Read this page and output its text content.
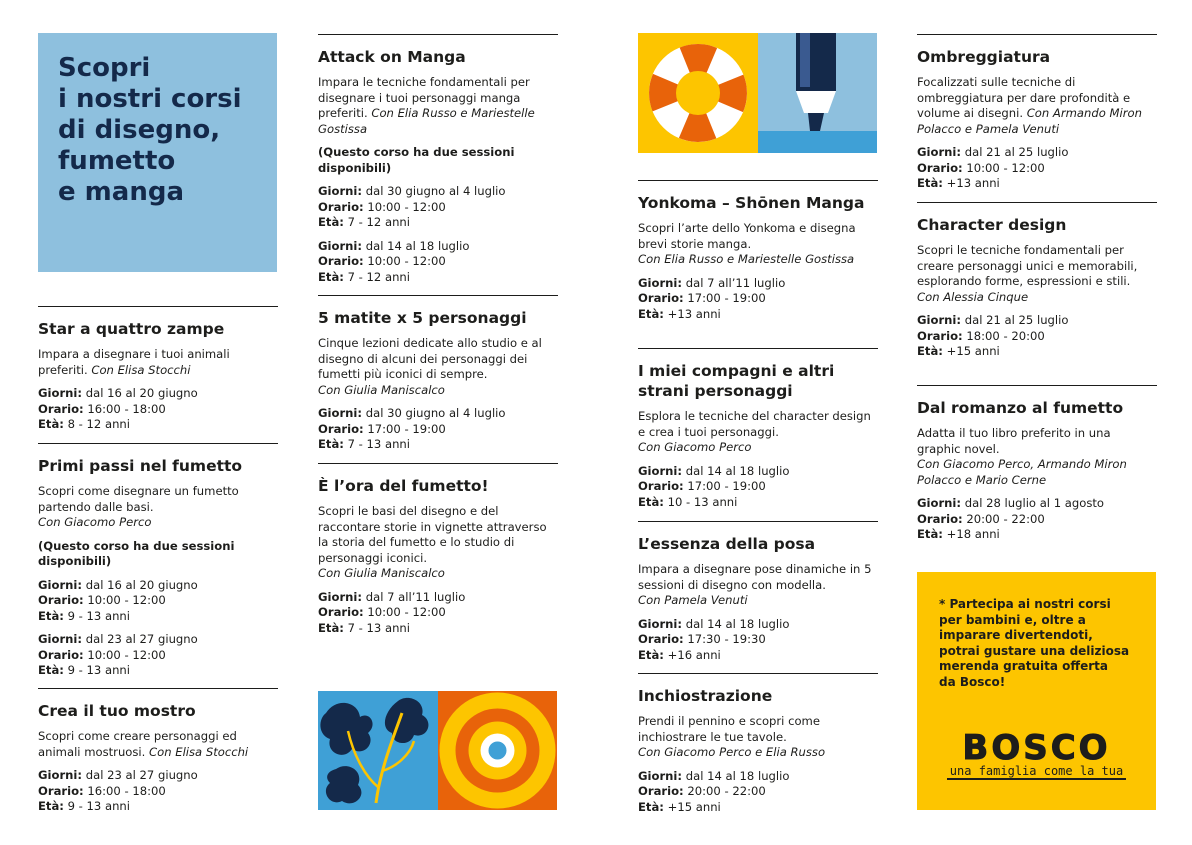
Scopri
i nostri corsi
di disegno,
fumetto
e manga
Star a quattro zampe

Impara a disegnare i tuoi animali preferiti. Con Elisa Stocchi

Giorni: dal 16 al 20 giugno
Orario: 16:00 - 18:00
Età: 8 - 12 anni

Primi passi nel fumetto

Scopri come disegnare un fumetto partendo dalle basi.
Con Giacomo Perco

(Questo corso ha due sessioni disponibili)

Giorni: dal 16 al 20 giugno
Orario: 10:00 - 12:00
Età: 9 - 13 anni

Giorni: dal 23 al 27 giugno
Orario: 10:00 - 12:00
Età: 9 - 13 anni

Crea il tuo mostro

Scopri come creare personaggi ed animali mostruosi. Con Elisa Stocchi

Giorni: dal 23 al 27 giugno
Orario: 16:00 - 18:00
Età: 9 - 13 anni

Attack on Manga

Impara le tecniche fondamentali per disegnare i tuoi personaggi manga preferiti. Con Elia Russo e Mariestelle Gostissa

(Questo corso ha due sessioni disponibili)

Giorni: dal 30 giugno al 4 luglio
Orario: 10:00 - 12:00
Età: 7 - 12 anni

Giorni: dal 14 al 18 luglio
Orario: 10:00 - 12:00
Età: 7 - 12 anni

5 matite x 5 personaggi

Cinque lezioni dedicate allo studio e al disegno di alcuni dei personaggi dei fumetti più iconici di sempre.
Con Giulia Maniscalco

Giorni: dal 30 giugno al 4 luglio
Orario: 17:00 - 19:00
Età: 7 - 13 anni

È l’ora del fumetto!

Scopri le basi del disegno e del raccontare storie in vignette attraverso la storia del fumetto e lo studio di personaggi iconici.
Con Giulia Maniscalco

Giorni: dal 7 all’11 luglio
Orario: 10:00 - 12:00
Età: 7 - 13 anni

Yonkoma – Shōnen Manga

Scopri l’arte dello Yonkoma e disegna brevi storie manga.
Con Elia Russo e Mariestelle Gostissa

Giorni: dal 7 all’11 luglio
Orario: 17:00 - 19:00
Età: +13 anni

I miei compagni e altri strani personaggi

Esplora le tecniche del character design e crea i tuoi personaggi.
Con Giacomo Perco

Giorni: dal 14 al 18 luglio
Orario: 17:00 - 19:00
Età: 10 - 13 anni

L’essenza della posa

Impara a disegnare pose dinamiche in 5 sessioni di disegno con modella.
Con Pamela Venuti

Giorni: dal 14 al 18 luglio
Orario: 17:30 - 19:30
Età: +16 anni

Inchiostrazione

Prendi il pennino e scopri come inchiostrare le tue tavole.
Con Giacomo Perco e Elia Russo

Giorni: dal 14 al 18 luglio
Orario: 20:00 - 22:00
Età: +15 anni

Ombreggiatura

Focalizzati sulle tecniche di ombreggiatura per dare profondità e volume ai disegni. Con Armando Miron Polacco e Pamela Venuti

Giorni: dal 21 al 25 luglio
Orario: 10:00 - 12:00
Età: +13 anni

Character design

Scopri le tecniche fondamentali per creare personaggi unici e memorabili, esplorando forme, espressioni e stili.
Con Alessia Cinque

Giorni: dal 21 al 25 luglio
Orario: 18:00 - 20:00
Età: +15 anni

Dal romanzo al fumetto

Adatta il tuo libro preferito in una graphic novel.
Con Giacomo Perco, Armando Miron Polacco e Mario Cerne

Giorni: dal 28 luglio al 1 agosto
Orario: 20:00 - 22:00
Età: +18 anni

* Partecipa ai nostri corsi
per bambini e, oltre a
imparare divertendoti,
potrai gustare una deliziosa
merenda gratuita offerta
da Bosco!

BOSCO
una famiglia come la tua
